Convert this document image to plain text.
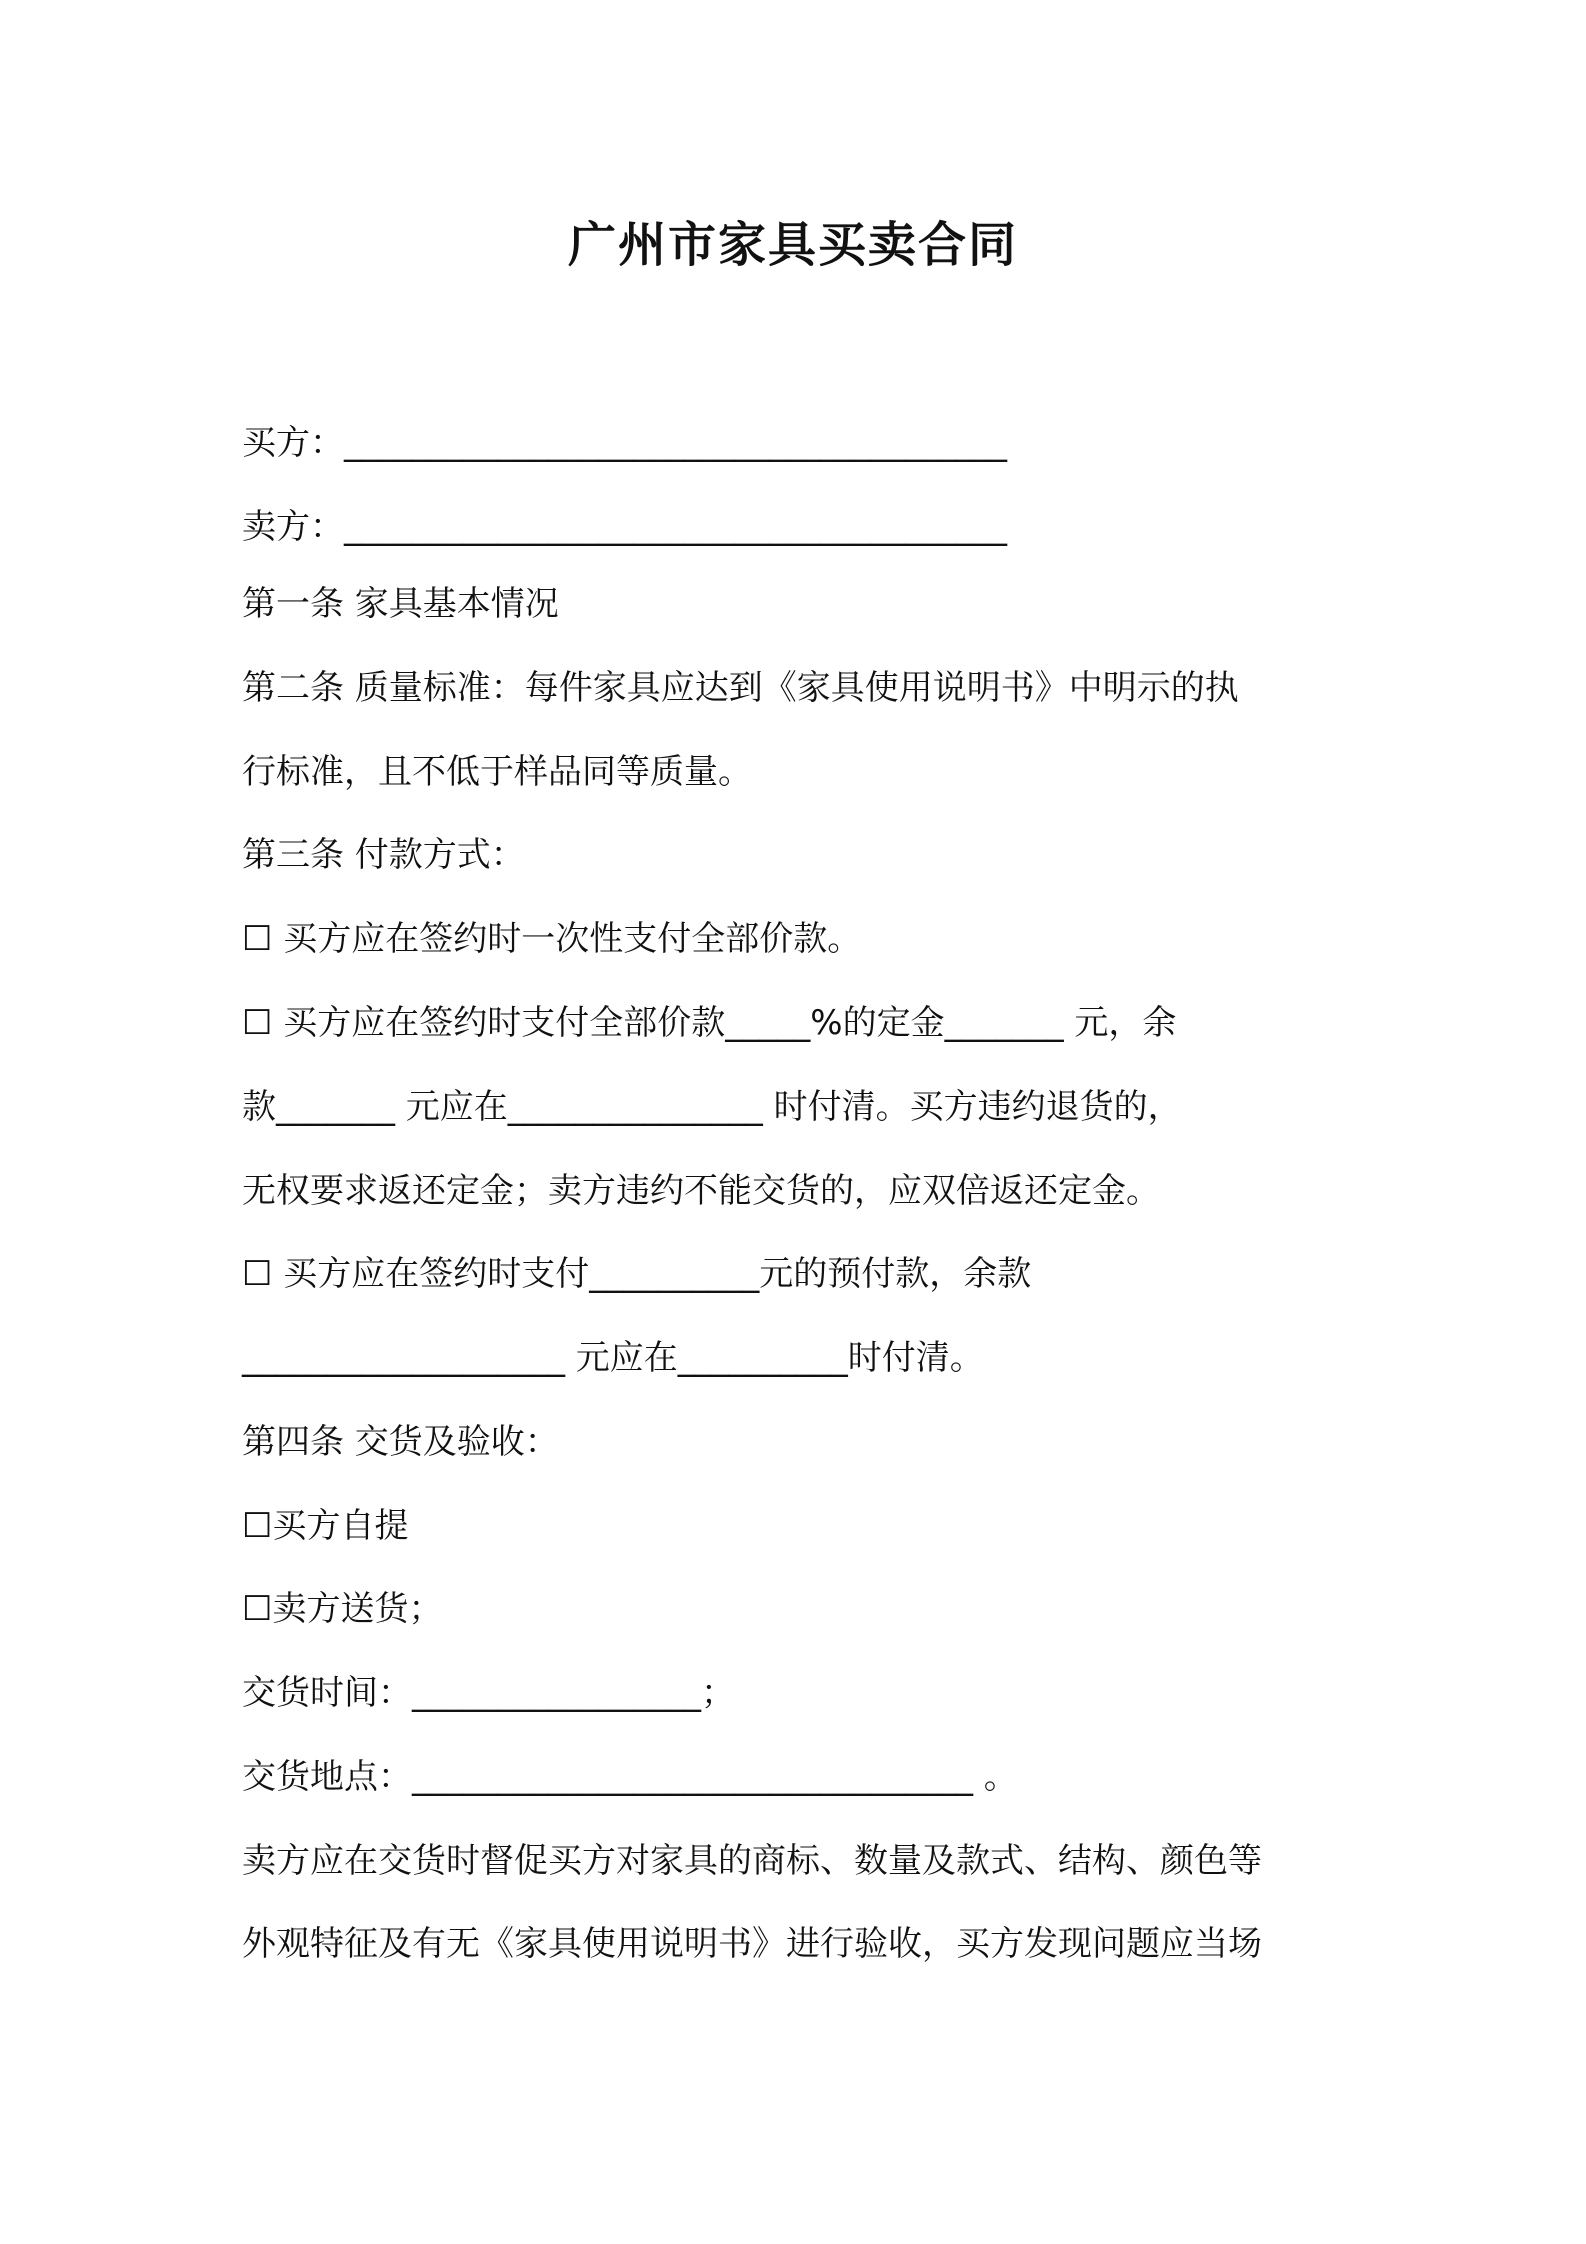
广州市家具买卖合同
买方：_______________________________________
卖方：_______________________________________
第一条 家具基本情况
第二条 质量标准：每件家具应达到《家具使用说明书》中明示的执
行标准，且不低于样品同等质量。
第三条 付款方式：
☐ 买方应在签约时一次性支付全部价款。
☐ 买方应在签约时支付全部价款_____%的定金_______ 元，余
款_______ 元应在_______________ 时付清。买方违约退货的，
无权要求返还定金；卖方违约不能交货的，应双倍返还定金。
☐ 买方应在签约时支付__________元的预付款，余款
___________________ 元应在__________时付清。
第四条 交货及验收：
☐买方自提
☐卖方送货；
交货时间：_________________；
交货地点：_________________________________ 。
卖方应在交货时督促买方对家具的商标、数量及款式、结构、颜色等
外观特征及有无《家具使用说明书》进行验收，买方发现问题应当场
